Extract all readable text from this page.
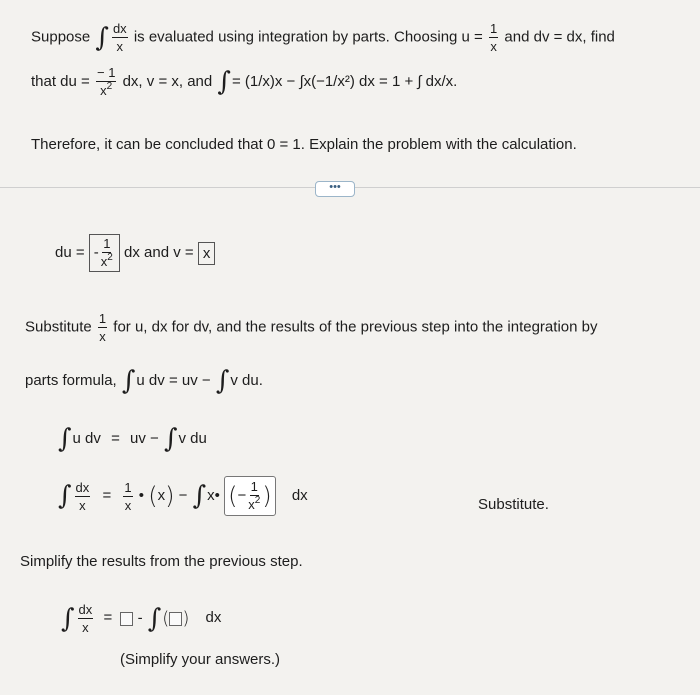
Suppose ∫ $\frac{dx}{x}$ is evaluated using integration by parts. Choosing $u = \frac{1}{x}$ and dv = dx, find
that du = $\frac{- 1}{x^2}$ dx, v = x, and ∫= (1/x)x − ∫x(−1/x²) dx = 1 + ∫ dx/x.
Therefore, it can be concluded that 0 = 1. Explain the problem with the calculation.
•••
du = - $\frac{1}{x^2}$ dx and v = x
Substitute $\frac{1}{x}$ for u, dx for dv, and the results of the previous step into the integration by
parts formula, ∫u dv = uv − ∫v du.
∫u dv = uv − ∫v du
∫ $\frac{dx}{x} = \frac{1}{x}$ • (x) − ∫x• (− $\frac{1}{x^2}$ ) dx
Substitute.
Simplify the results from the previous step.
∫ $\frac{dx}{x}$ = - ∫( ) dx
(Simplify your answers.)
